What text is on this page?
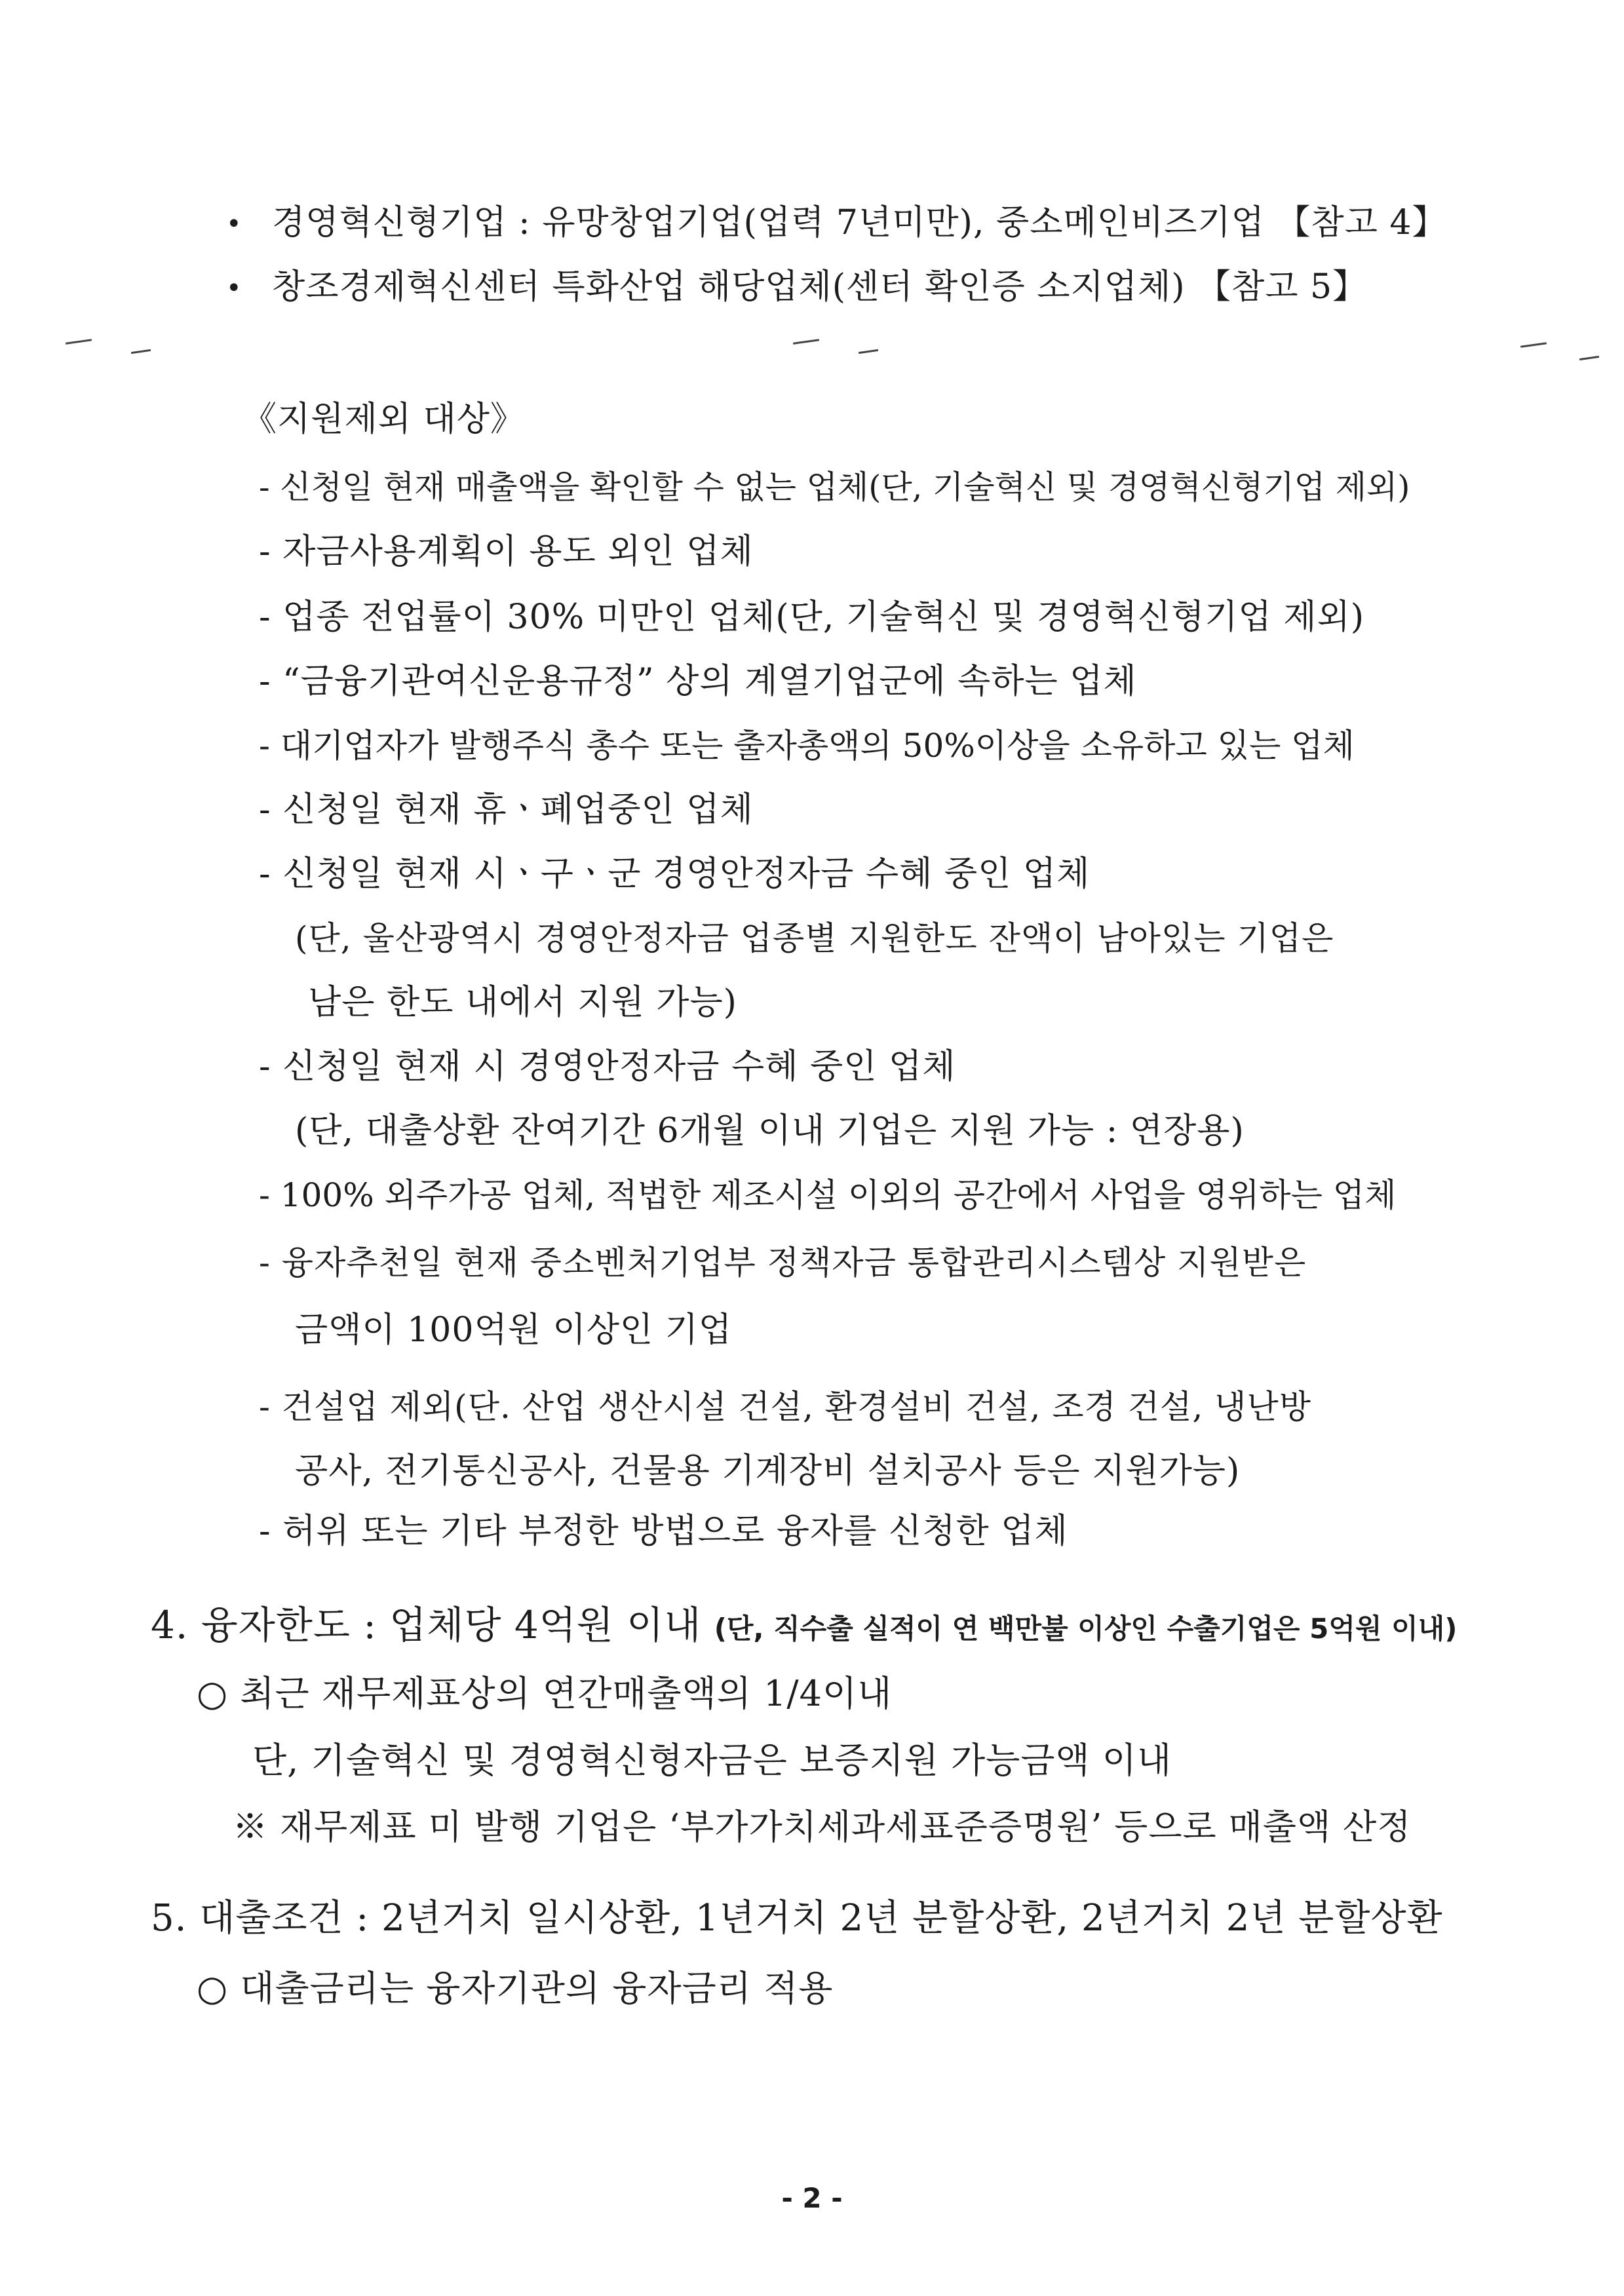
• 경영혁신형기업 : 유망창업기업(업력 7년미만), 중소메인비즈기업 【참고 4】
• 창조경제혁신센터 특화산업 해당업체(센터 확인증 소지업체) 【참고 5】
《지원제외 대상》
- 신청일 현재 매출액을 확인할 수 없는 업체(단, 기술혁신 및 경영혁신형기업 제외)
- 자금사용계획이 용도 외인 업체
- 업종 전업률이 30% 미만인 업체(단, 기술혁신 및 경영혁신형기업 제외)
- “금융기관여신운용규정” 상의 계열기업군에 속하는 업체
- 대기업자가 발행주식 총수 또는 출자총액의 50%이상을 소유하고 있는 업체
- 신청일 현재 휴ㆍ폐업중인 업체
- 신청일 현재 시ㆍ구ㆍ군 경영안정자금 수혜 중인 업체
(단, 울산광역시 경영안정자금 업종별 지원한도 잔액이 남아있는 기업은
남은 한도 내에서 지원 가능)
- 신청일 현재 시 경영안정자금 수혜 중인 업체
(단, 대출상환 잔여기간 6개월 이내 기업은 지원 가능 : 연장용)
- 100% 외주가공 업체, 적법한 제조시설 이외의 공간에서 사업을 영위하는 업체
- 융자추천일 현재 중소벤처기업부 정책자금 통합관리시스템상 지원받은
금액이 100억원 이상인 기업
- 건설업 제외(단. 산업 생산시설 건설, 환경설비 건설, 조경 건설, 냉난방
공사, 전기통신공사, 건물용 기계장비 설치공사 등은 지원가능)
- 허위 또는 기타 부정한 방법으로 융자를 신청한 업체
4. 융자한도 : 업체당 4억원 이내 (단, 직수출 실적이 연 백만불 이상인 수출기업은 5억원 이내)
○ 최근 재무제표상의 연간매출액의 1/4이내
단, 기술혁신 및 경영혁신형자금은 보증지원 가능금액 이내
※ 재무제표 미 발행 기업은 ‘부가가치세과세표준증명원’ 등으로 매출액 산정
5. 대출조건 : 2년거치 일시상환, 1년거치 2년 분할상환, 2년거치 2년 분할상환
○ 대출금리는 융자기관의 융자금리 적용
- 2 -
